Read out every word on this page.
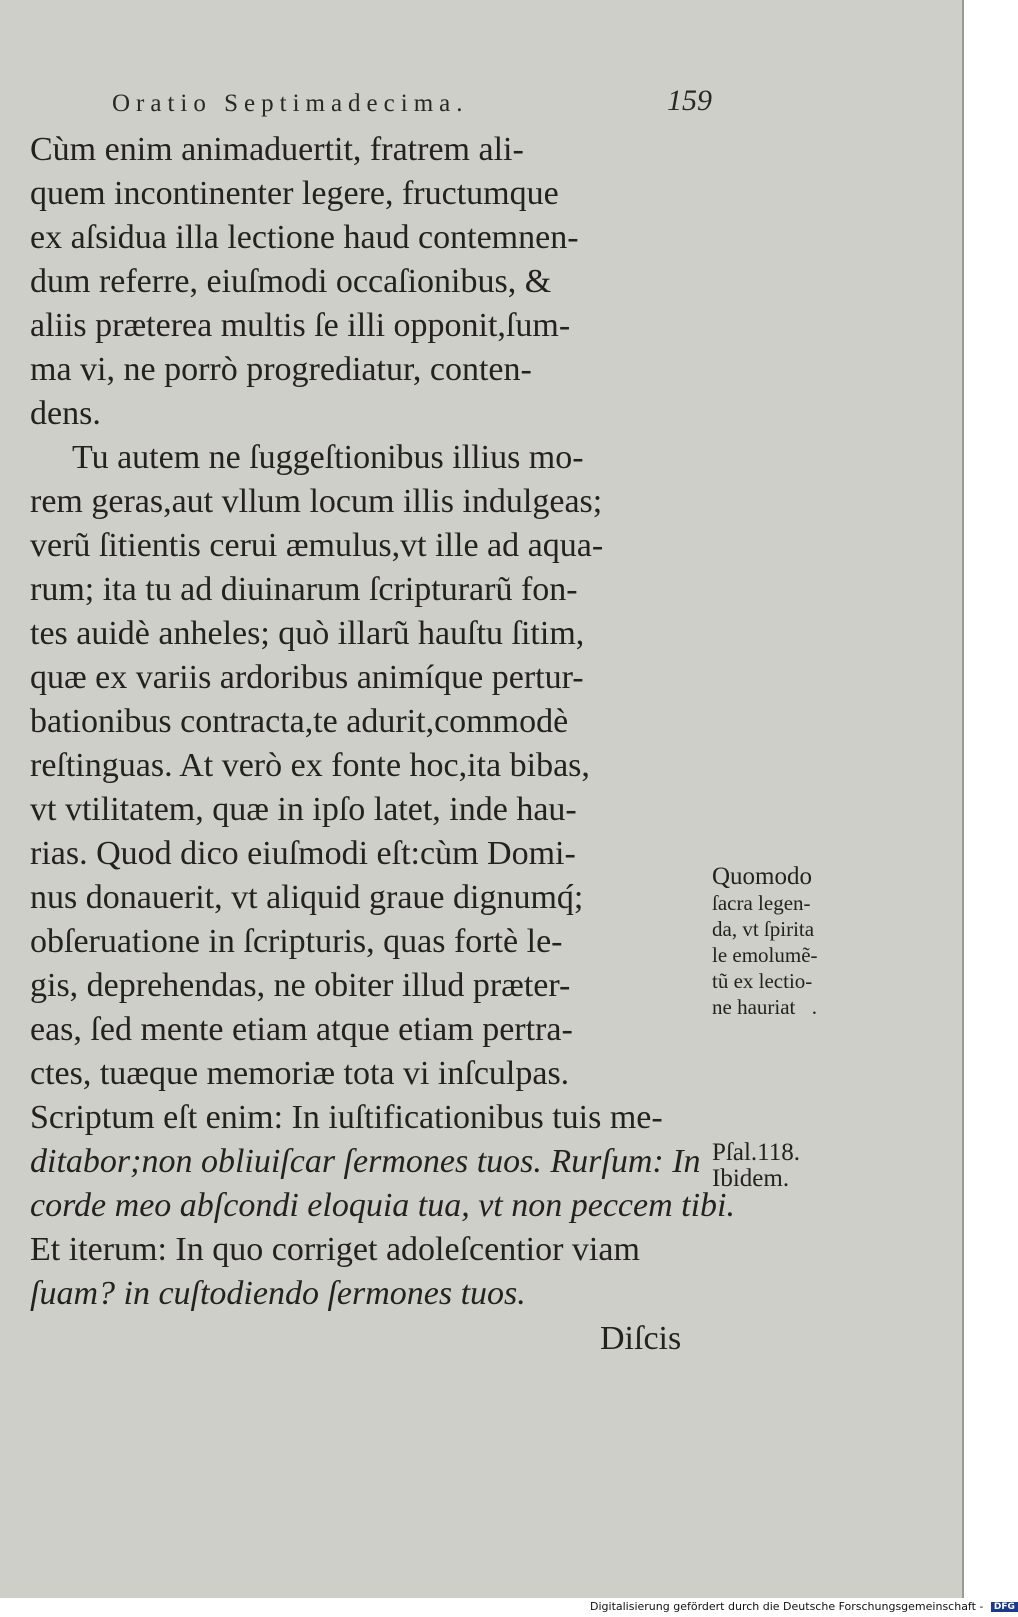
Oratio Septimadecima.	159
Cùm enim animaduertit, fratrem ali-
quem incontinenter legere, fructumque
ex aſsidua illa lectione haud contemnen-
dum referre, eiuſmodi occaſionibus, &
aliis præterea multis ſe illi opponit,ſum-
ma vi, ne porrò progrediatur, conten-
dens.
Tu autem ne ſuggeſtionibus illius mo-
rem geras,aut vllum locum illis indulgeas;
verũ ſitientis cerui æmulus,vt ille ad aqua-
rum; ita tu ad diuinarum ſcripturarũ fon-
tes auidè anheles; quò illarũ hauſtu ſitim,
quæ ex variis ardoribus animíque pertur-
bationibus contracta,te adurit,commodè
reſtinguas. At verò ex fonte hoc,ita bibas,
vt vtilitatem, quæ in ipſo latet, inde hau-
rias. Quod dico eiuſmodi eſt:cùm Domi-
nus donauerit, vt aliquid graue dignumq́;
obſeruatione in ſcripturis, quas fortè le-
gis, deprehendas, ne obiter illud præter-
eas, ſed mente etiam atque etiam pertra-
ctes, tuæque memoriæ tota vi inſculpas.
Scriptum eſt enim: In iuſtificationibus tuis me-
ditabor;non obliuiſcar ſermones tuos. Rurſum: In
corde meo abſcondi eloquia tua, vt non peccem tibi.
Et iterum: In quo corriget adoleſcentior viam
ſuam? in cuſtodiendo ſermones tuos.
Diſcis
Quomodo
ſacra legen-
da, vt ſpirita
le emolumẽ-
tũ ex lectio-
ne hauriatᷓ.
Pſal.118.
Ibidem.
Digitalisierung gefördert durch die Deutsche Forschungsgemeinschaft - DFG
